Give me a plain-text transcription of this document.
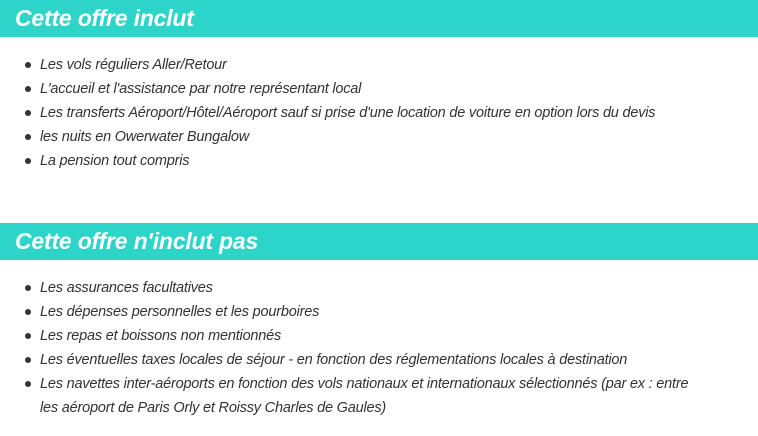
Cette offre inclut
Les vols réguliers Aller/Retour
L'accueil et l'assistance par notre représentant local
Les transferts Aéroport/Hôtel/Aéroport sauf si prise d'une location de voiture en option lors du devis
les nuits en Owerwater Bungalow
La pension tout compris
Cette offre n'inclut pas
Les assurances facultatives
Les dépenses personnelles et les pourboires
Les repas et boissons non mentionnés
Les éventuelles taxes locales de séjour - en fonction des réglementations locales à destination
Les navettes inter-aéroports en fonction des vols nationaux et internationaux sélectionnés (par ex : entre les aéroport de Paris Orly et Roissy Charles de Gaules)
